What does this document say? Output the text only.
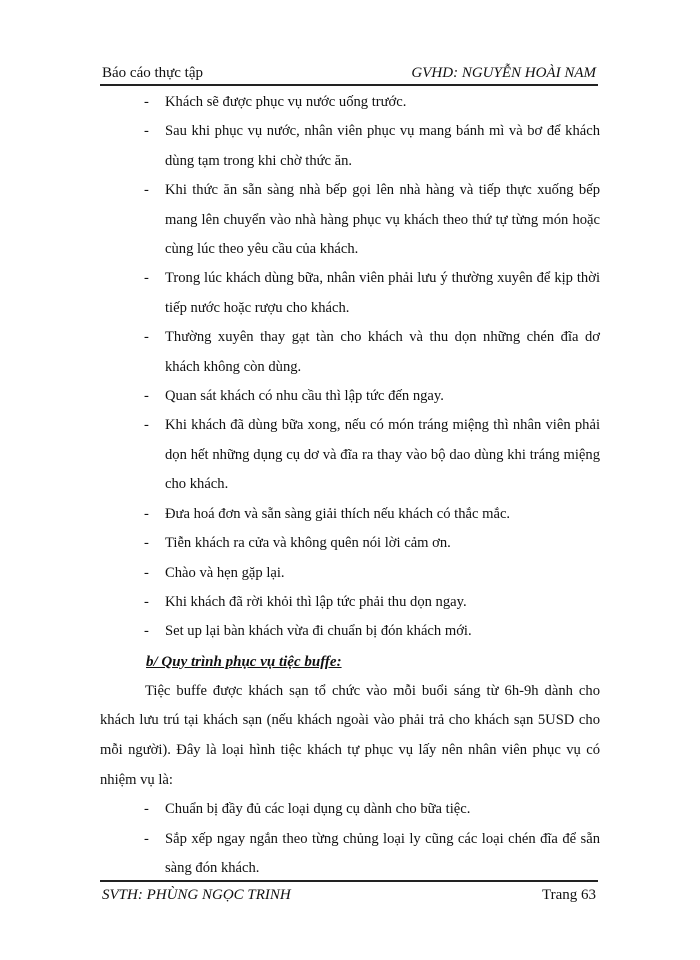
Báo cáo thực tập	GVHD: NGUYỄN HOÀI NAM
- Khách sẽ được phục vụ nước uống trước.
- Sau khi phục vụ nước, nhân viên phục vụ mang bánh mì và bơ để khách dùng tạm trong khi chờ thức ăn.
- Khi thức ăn sẵn sàng nhà bếp gọi lên nhà hàng và tiếp thực xuống bếp mang lên chuyển vào nhà hàng phục vụ khách theo thứ tự từng món hoặc cùng lúc theo yêu cầu của khách.
- Trong lúc khách dùng bữa, nhân viên phải lưu ý thường xuyên để kịp thời tiếp nước hoặc rượu cho khách.
- Thường xuyên thay gạt tàn cho khách và thu dọn những chén đĩa dơ khách không còn dùng.
- Quan sát khách có nhu cầu thì lập tức đến ngay.
- Khi khách đã dùng bữa xong, nếu có món tráng miệng thì nhân viên phải dọn hết những dụng cụ dơ và đĩa ra thay vào bộ dao dùng khi tráng miệng cho khách.
- Đưa hoá đơn và sẵn sàng giải thích nếu khách có thắc mắc.
- Tiễn khách ra cửa và không quên nói lời cảm ơn.
- Chào và hẹn gặp lại.
- Khi khách đã rời khỏi thì lập tức phải thu dọn ngay.
- Set up lại bàn khách vừa đi chuẩn bị đón khách mới.
b/ Quy trình phục vụ tiệc buffe:
Tiệc buffe được khách sạn tổ chức vào mỗi buổi sáng từ 6h-9h dành cho khách lưu trú tại khách sạn (nếu khách ngoài vào phải trả cho khách sạn 5USD cho mỗi người). Đây là loại hình tiệc khách tự phục vụ lấy nên nhân viên phục vụ có nhiệm vụ là:
- Chuẩn bị đầy đủ các loại dụng cụ dành cho bữa tiệc.
- Sắp xếp ngay ngắn theo từng chủng loại ly cũng các loại chén đĩa để sẵn sàng đón khách.
SVTH: PHÙNG NGỌC TRINH	Trang 63
